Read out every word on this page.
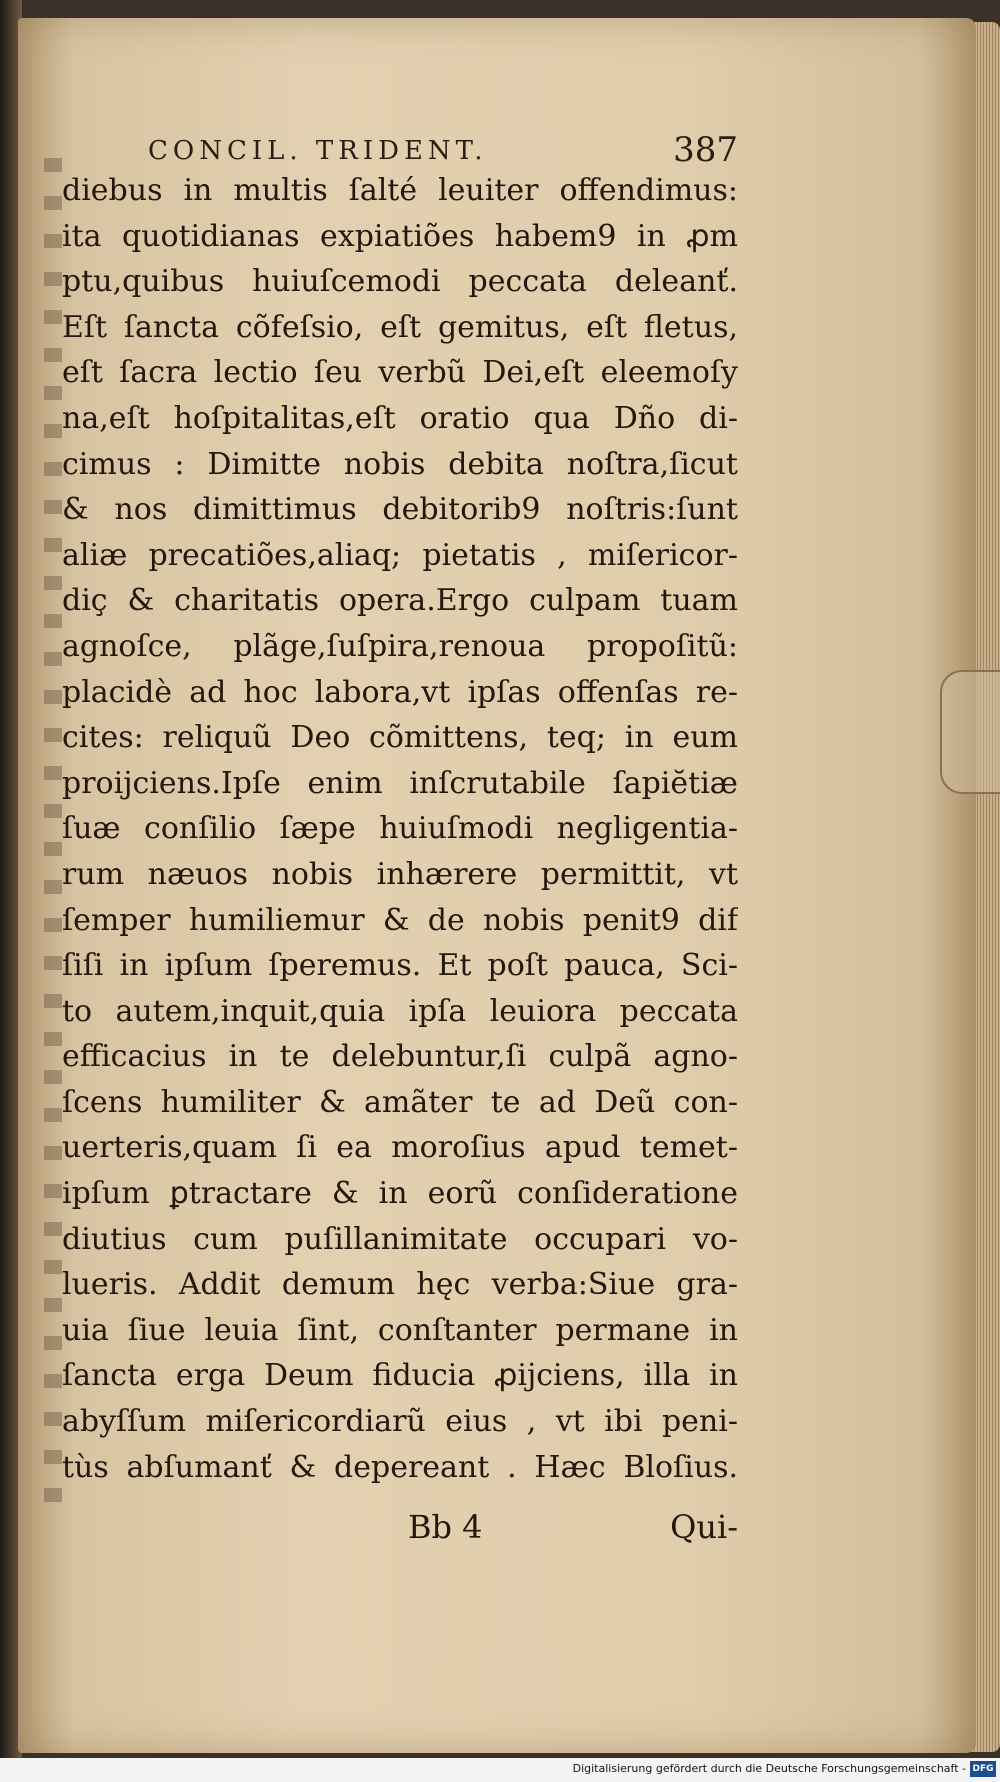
CONCIL. TRIDENT.	387
diebus in multis ſalté leuiter offendimus:
ita quotidianas expiatiões habem9 in ꝓm
ptu,quibus huiuſcemodi peccata deleanť.
Eſt ſancta cõfeſsio, eſt gemitus, eſt fletus,
eſt ſacra lectio ſeu verbũ Dei,eſt eleemoſy
na,eſt hoſpitalitas,eſt oratio qua Dño di-
cimus : Dimitte nobis debita noſtra,ſicut
& nos dimittimus debitorib9 noſtris:ſunt
aliæ precatiões,aliaq; pietatis , miſericor-
diç & charitatis opera.Ergo culpam tuam
agnoſce, plãge,ſuſpira,renoua propoſitũ:
placidè ad hoc labora,vt ipſas offenſas re-
cites: reliquũ Deo cõmittens, teq; in eum
proijciens.Ipſe enim inſcrutabile ſapiĕtiæ
ſuæ conſilio ſæpe huiuſmodi negligentia-
rum næuos nobis inhærere permittit, vt
ſemper humiliemur & de nobis penit9 dif
ſiſi in ipſum ſperemus. Et poſt pauca, Sci-
to autem,inquit,quia ipſa leuiora peccata
efficacius in te delebuntur,ſi culpã agno-
ſcens humiliter & amãter te ad Deũ con-
uerteris,quam ſi ea moroſius apud temet-
ipſum ꝑtractare & in eorũ conſideratione
diutius cum puſillanimitate occupari vo-
lueris. Addit demum hęc verba:Siue gra-
uia ſiue leuia ſint, conſtanter permane in
ſancta erga Deum fiducia ꝓijciens, illa in
abyſſum miſericordiarũ eius , vt ibi peni-
tùs abſumanť & depereant . Hæc Bloſius.
Bb 4	Qui-
Digitalisierung gefördert durch die Deutsche Forschungsgemeinschaft - DFG
